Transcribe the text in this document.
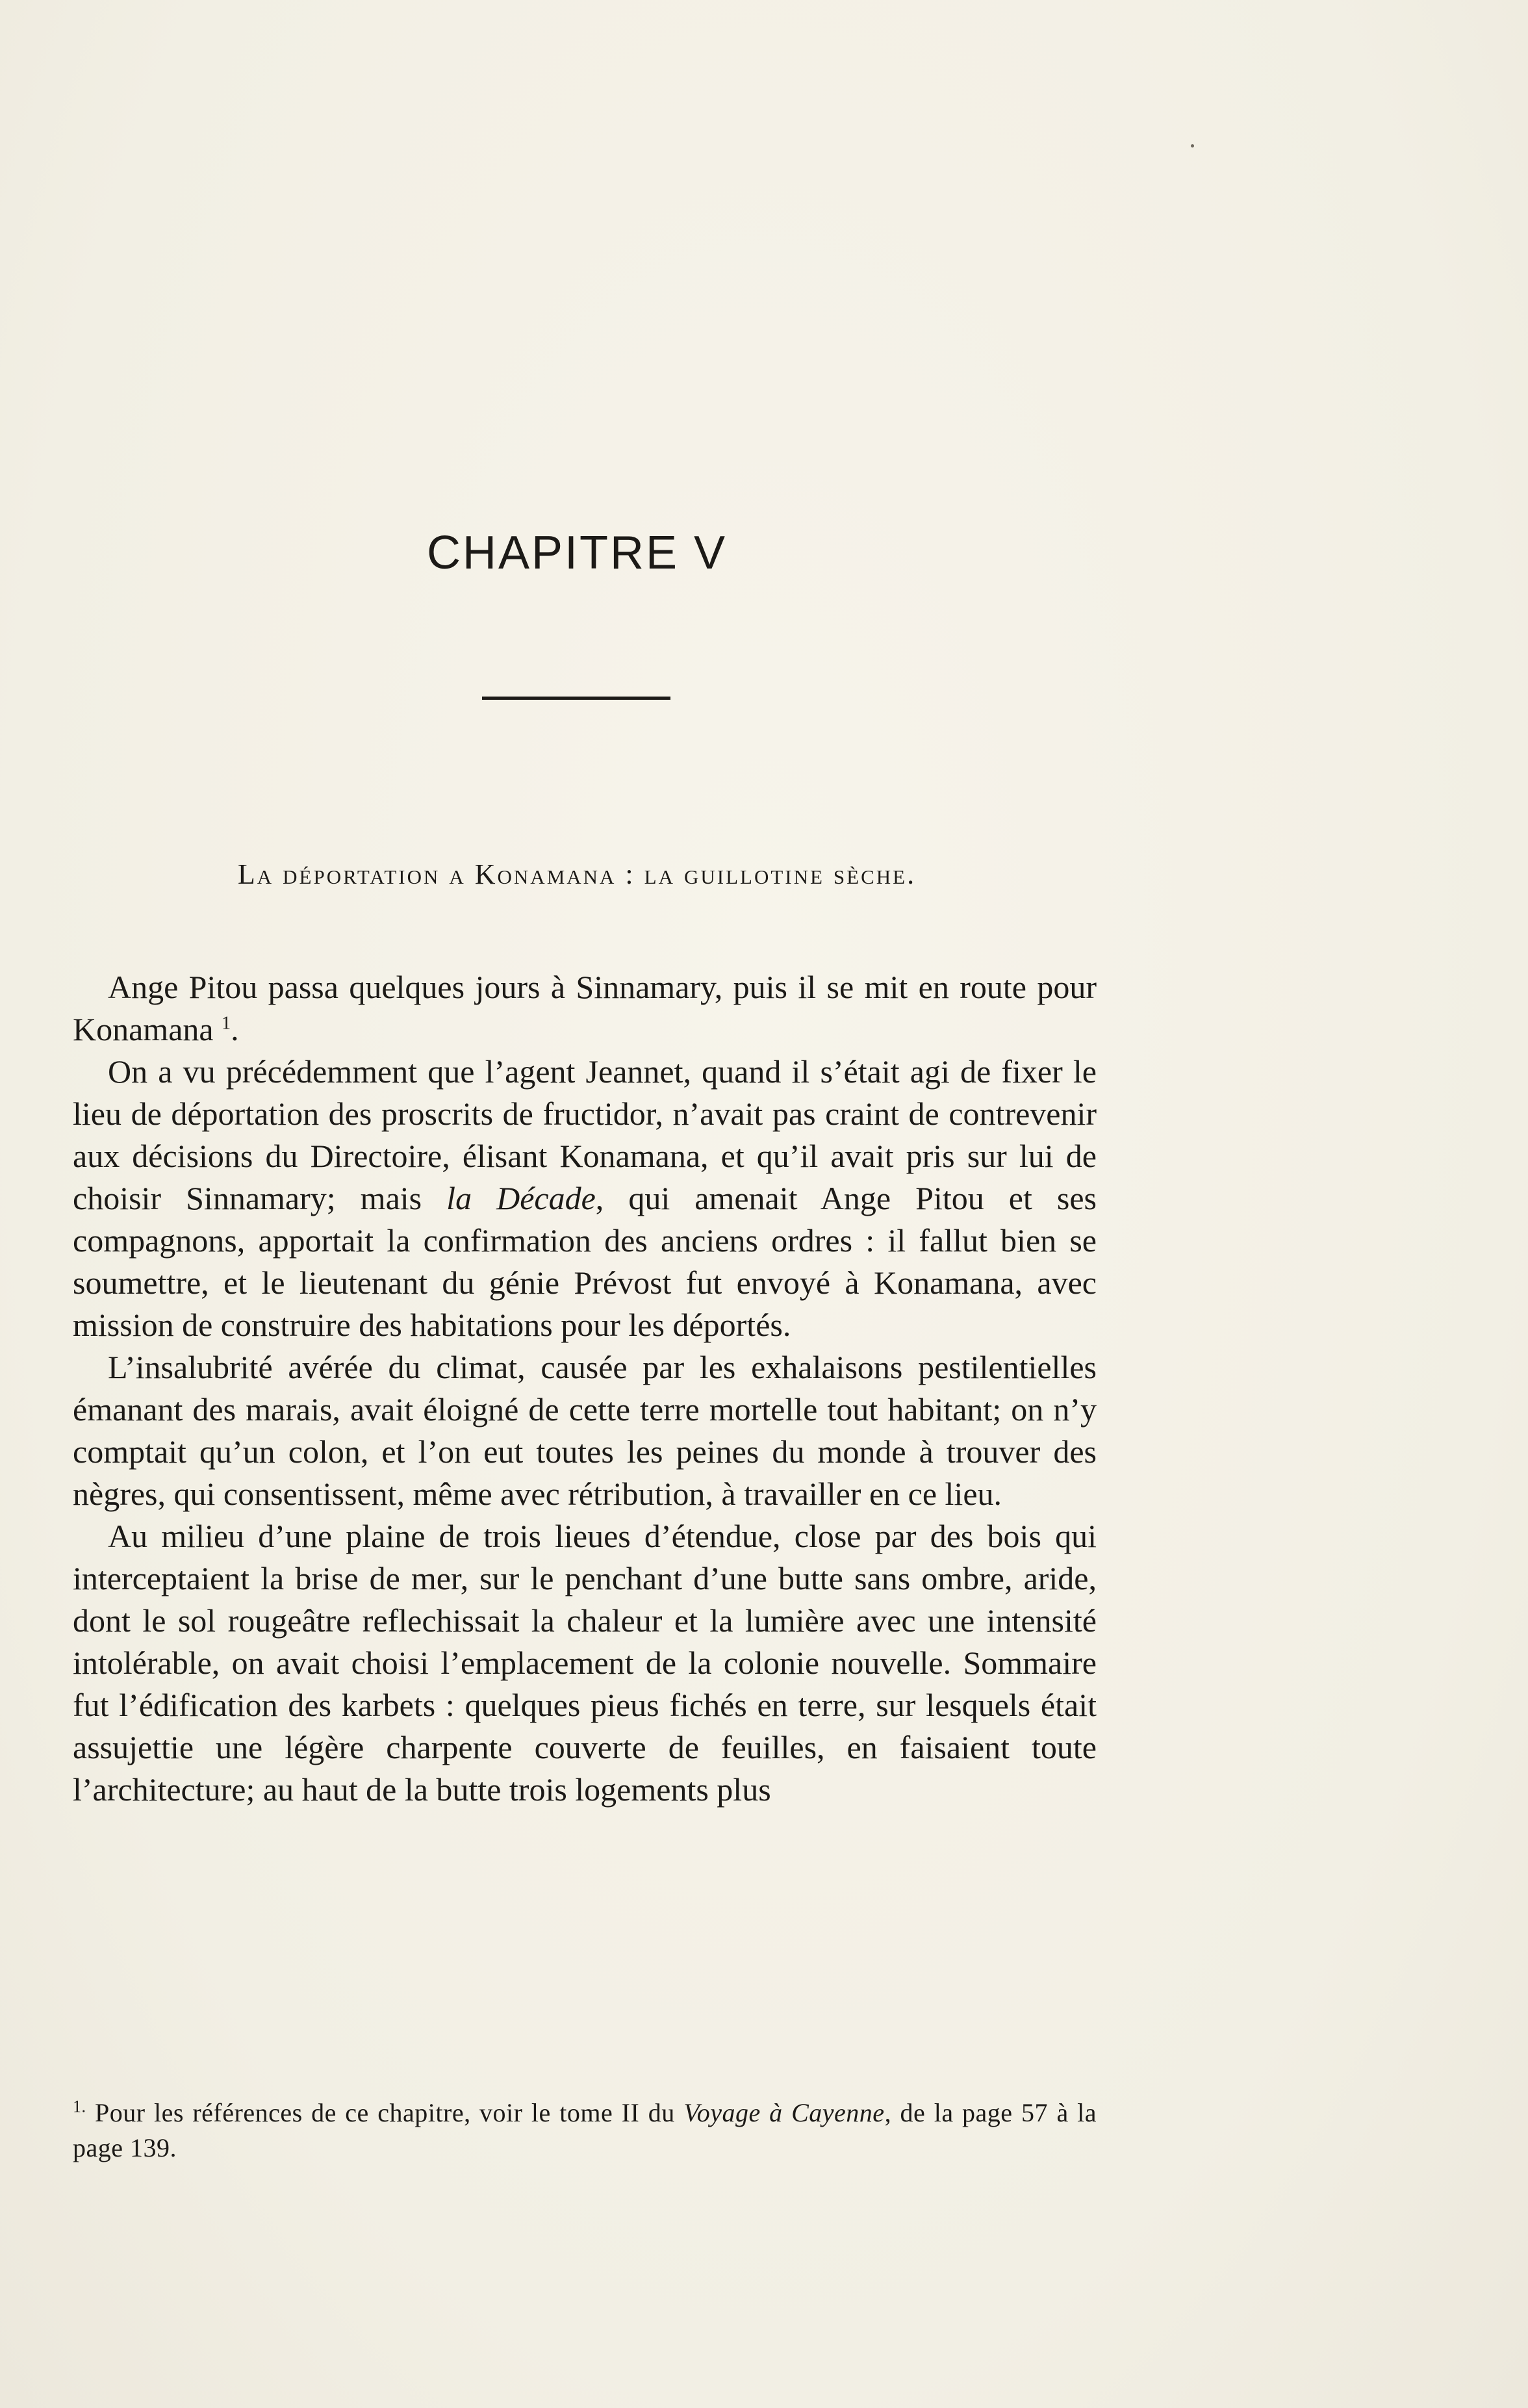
CHAPITRE V
La déportation a Konamana : la guillotine sèche.

Ange Pitou passa quelques jours à Sinnamary, puis il se mit en route pour Konamana $^1$.

On a vu précédemment que l’agent Jeannet, quand il s’était agi de fixer le lieu de déportation des proscrits de fructidor, n’avait pas craint de contrevenir aux décisions du Directoire, élisant Konamana, et qu’il avait pris sur lui de choisir Sinnamary; mais la Décade, qui amenait Ange Pitou et ses compagnons, apportait la confirmation des anciens ordres : il fallut bien se soumettre, et le lieutenant du génie Prévost fut envoyé à Konamana, avec mission de construire des habitations pour les déportés.

L’insalubrité avérée du climat, causée par les exhalaisons pestilentielles émanant des marais, avait éloigné de cette terre mortelle tout habitant; on n’y comptait qu’un colon, et l’on eut toutes les peines du monde à trouver des nègres, qui consentissent, même avec rétribution, à travailler en ce lieu.

Au milieu d’une plaine de trois lieues d’étendue, close par des bois qui interceptaient la brise de mer, sur le penchant d’une butte sans ombre, aride, dont le sol rougeâtre reflechissait la chaleur et la lumière avec une intensité intolérable, on avait choisi l’emplacement de la colonie nouvelle. Sommaire fut l’édification des karbets : quelques pieus fichés en terre, sur lesquels était assujettie une légère charpente couverte de feuilles, en faisaient toute l’architecture; au haut de la butte trois logements plus

$^{1.}$ Pour les références de ce chapitre, voir le tome II du Voyage à Cayenne, de la page 57 à la page 139.
